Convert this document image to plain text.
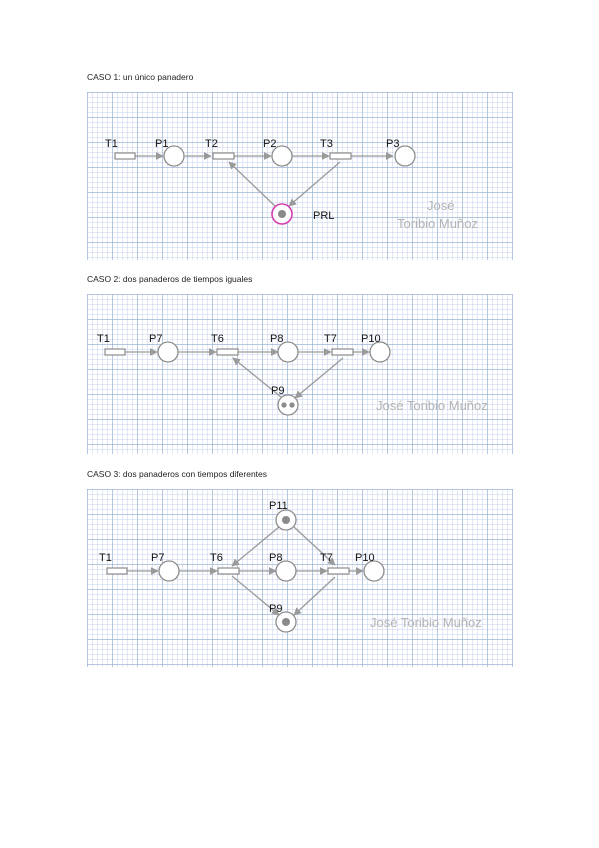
CASO 1: un único panadero
T1	P1	T2	P2	T3	P3
PRL
José
Toribio Muñoz
CASO 2: dos panaderos de tiempos iguales
T1	P7	T6	P8	T7 P10
P9
José Toribio Muñoz
CASO 3: dos panaderos con tiempos diferentes
T1	P7	T6	P8	T7 P10
P11
P9
José Toribio Muñoz
